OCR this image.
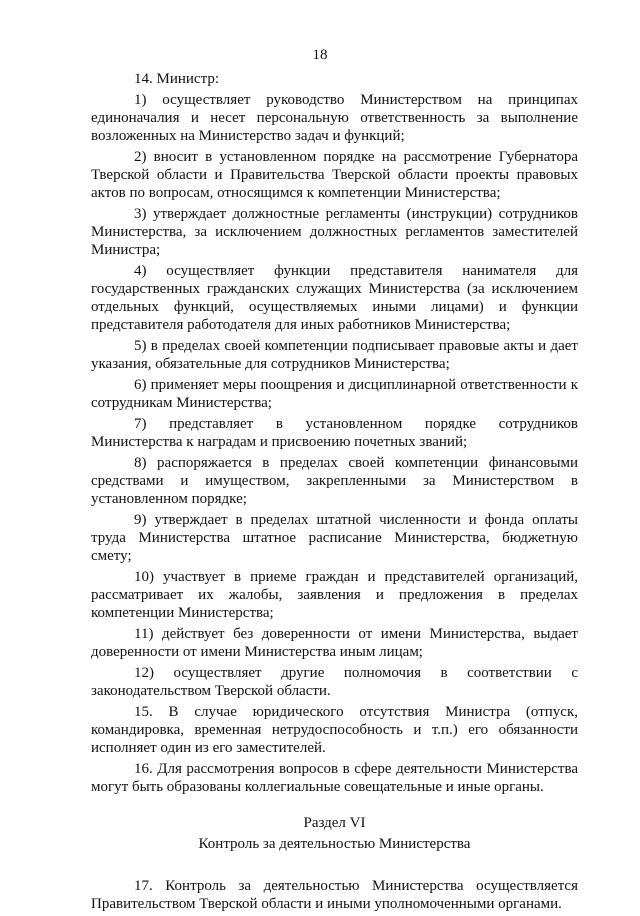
18

14. Министр:

1) осуществляет руководство Министерством на принципах единоначалия и несет персональную ответственность за выполнение возложенных на Министерство задач и функций;

2) вносит в установленном порядке на рассмотрение Губернатора Тверской области и Правительства Тверской области проекты правовых актов по вопросам, относящимся к компетенции Министерства;

3) утверждает должностные регламенты (инструкции) сотрудников Министерства, за исключением должностных регламентов заместителей Министра;

4) осуществляет функции представителя нанимателя для государственных гражданских служащих Министерства (за исключением отдельных функций, осуществляемых иными лицами) и функции представителя работодателя для иных работников Министерства;

5) в пределах своей компетенции подписывает правовые акты и дает указания, обязательные для сотрудников Министерства;

6) применяет меры поощрения и дисциплинарной ответственности к сотрудникам Министерства;

7) представляет в установленном порядке сотрудников Министерства к наградам и присвоению почетных званий;

8) распоряжается в пределах своей компетенции финансовыми средствами и имуществом, закрепленными за Министерством в установленном порядке;

9) утверждает в пределах штатной численности и фонда оплаты труда Министерства штатное расписание Министерства, бюджетную смету;

10) участвует в приеме граждан и представителей организаций, рассматривает их жалобы, заявления и предложения в пределах компетенции Министерства;

11) действует без доверенности от имени Министерства, выдает доверенности от имени Министерства иным лицам;

12) осуществляет другие полномочия в соответствии с законодательством Тверской области.

15. В случае юридического отсутствия Министра (отпуск, командировка, временная нетрудоспособность и т.п.) его обязанности исполняет один из его заместителей.

16. Для рассмотрения вопросов в сфере деятельности Министерства могут быть образованы коллегиальные совещательные и иные органы.

Раздел VI

Контроль за деятельностью Министерства

17. Контроль за деятельностью Министерства осуществляется Правительством Тверской области и иными уполномоченными органами.
